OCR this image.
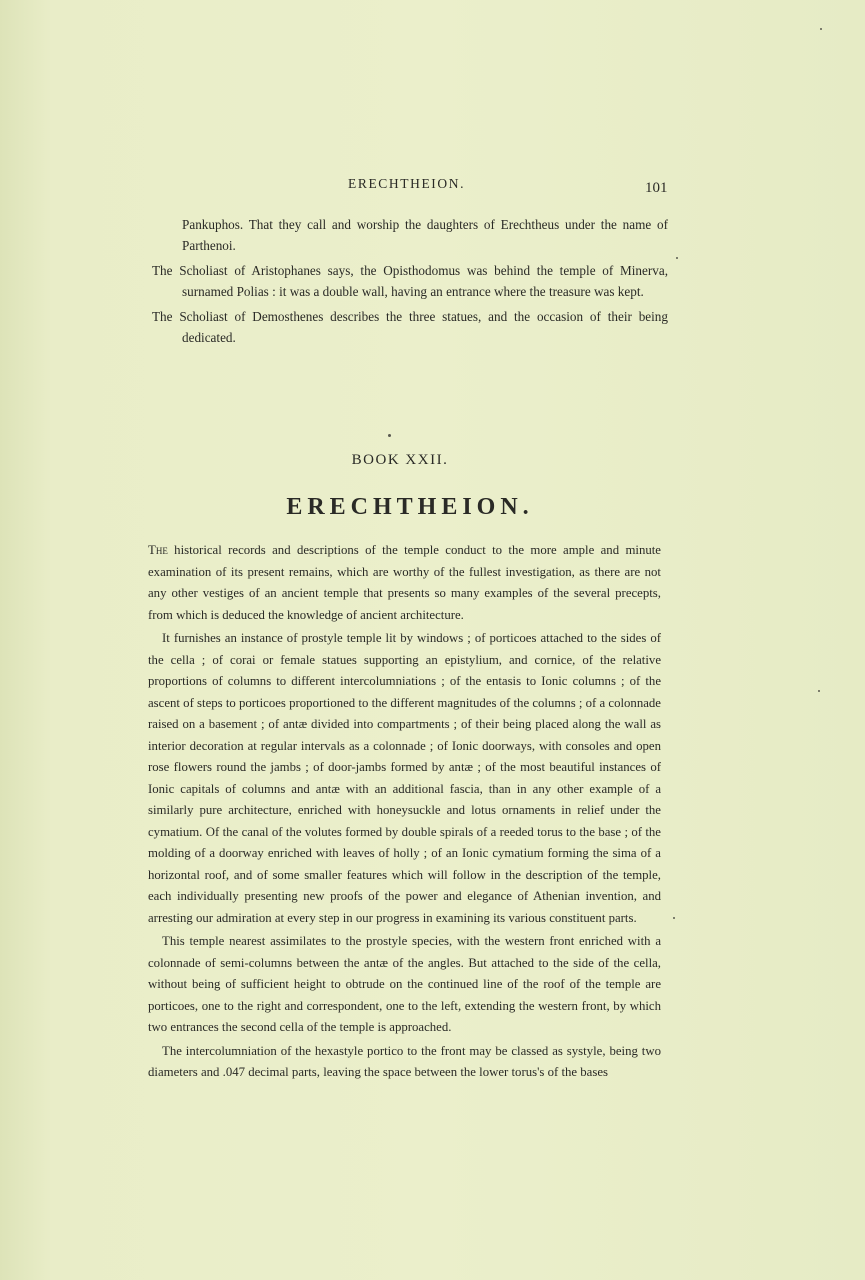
ERECHTHEION.	101

Pankuphos. That they call and worship the daughters of Erechtheus under the name of Parthenoi.

The Scholiast of Aristophanes says, the Opisthodomus was behind the temple of Minerva, surnamed Polias : it was a double wall, having an entrance where the treasure was kept.

The Scholiast of Demosthenes describes the three statues, and the occasion of their being dedicated.

BOOK XXII.
ERECHTHEION.

The historical records and descriptions of the temple conduct to the more ample and minute examination of its present remains, which are worthy of the fullest investigation, as there are not any other vestiges of an ancient temple that presents so many examples of the several precepts, from which is deduced the knowledge of ancient architecture.

It furnishes an instance of prostyle temple lit by windows ; of porticoes attached to the sides of the cella ; of corai or female statues supporting an epistylium, and cornice, of the relative proportions of columns to different intercolumniations ; of the entasis to Ionic columns ; of the ascent of steps to porticoes proportioned to the different magnitudes of the columns ; of a colonnade raised on a basement ; of antæ divided into compartments ; of their being placed along the wall as interior decoration at regular intervals as a colonnade ; of Ionic doorways, with consoles and open rose flowers round the jambs ; of door-jambs formed by antæ ; of the most beautiful instances of Ionic capitals of columns and antæ with an additional fascia, than in any other example of a similarly pure architecture, enriched with honeysuckle and lotus ornaments in relief under the cymatium. Of the canal of the volutes formed by double spirals of a reeded torus to the base ; of the molding of a doorway enriched with leaves of holly ; of an Ionic cymatium forming the sima of a horizontal roof, and of some smaller features which will follow in the description of the temple, each individually presenting new proofs of the power and elegance of Athenian invention, and arresting our admiration at every step in our progress in examining its various constituent parts.

This temple nearest assimilates to the prostyle species, with the western front enriched with a colonnade of semi-columns between the antæ of the angles. But attached to the side of the cella, without being of sufficient height to obtrude on the continued line of the roof of the temple are porticoes, one to the right and correspondent, one to the left, extending the western front, by which two entrances the second cella of the temple is approached.

The intercolumniation of the hexastyle portico to the front may be classed as systyle, being two diameters and .047 decimal parts, leaving the space between the lower torus's of the bases
